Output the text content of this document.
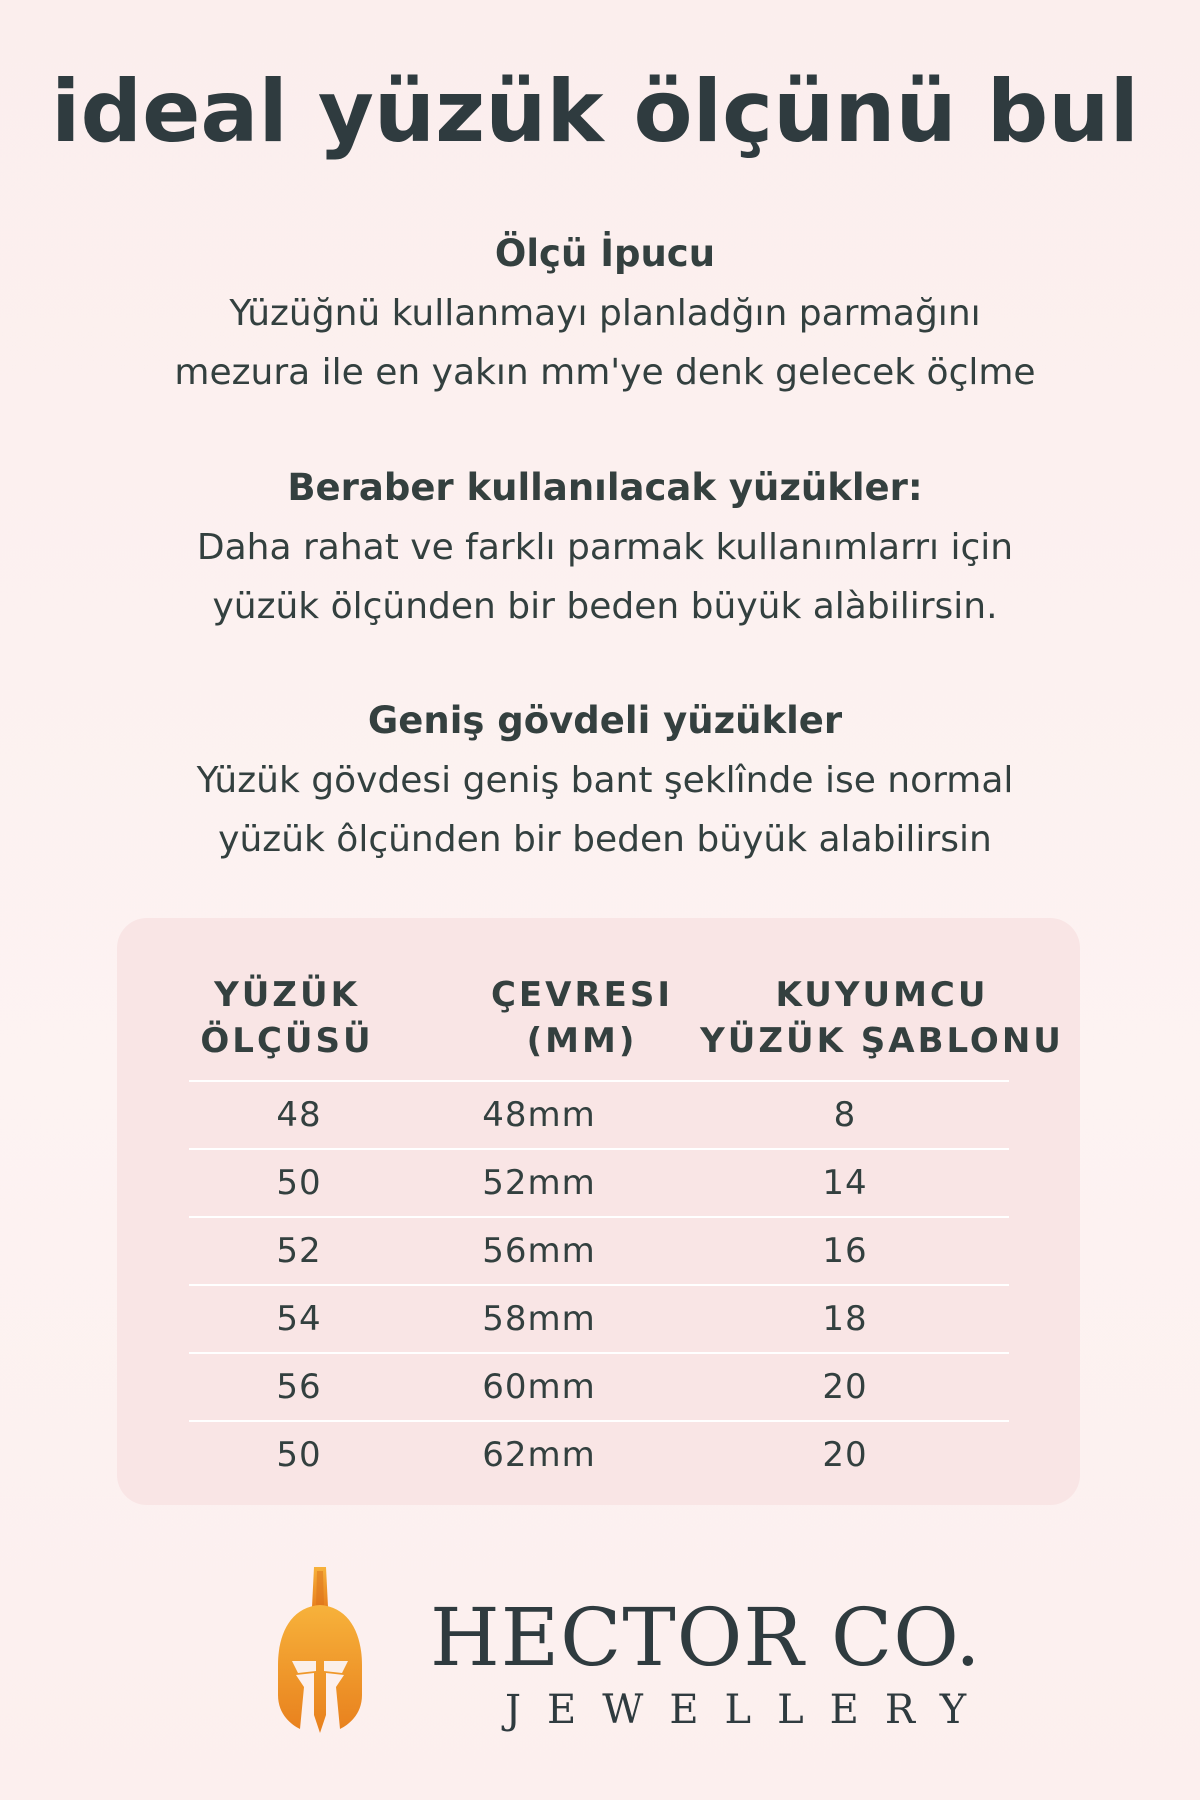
ideal yüzük ölçünü bul
Ölçü İpucu

Yüzüğnü kullanmayı planladğın parmağını
mezura ile en yakın mm'ye denk gelecek öçlme

Beraber kullanılacak yüzükler:

Daha rahat ve farklı parmak kullanımlarrı için
yüzük ölçünden bir beden büyük alàbilirsin.

Geniş gövdeli yüzükler

Yüzük gövdesi geniş bant şeklînde ise normal
yüzük ôlçünden bir beden büyük alabilirsin

YÜZÜK
ÖLÇÜSÜ
ÇEVRESI
(MM)
KUYUMCU
YÜZÜK ŞABLONU
48	48mm	8
50	52mm	14
52	56mm	16
54	58mm	18
56	60mm	20
50	62mm	20
HECTOR CO.
JEWELLERY
